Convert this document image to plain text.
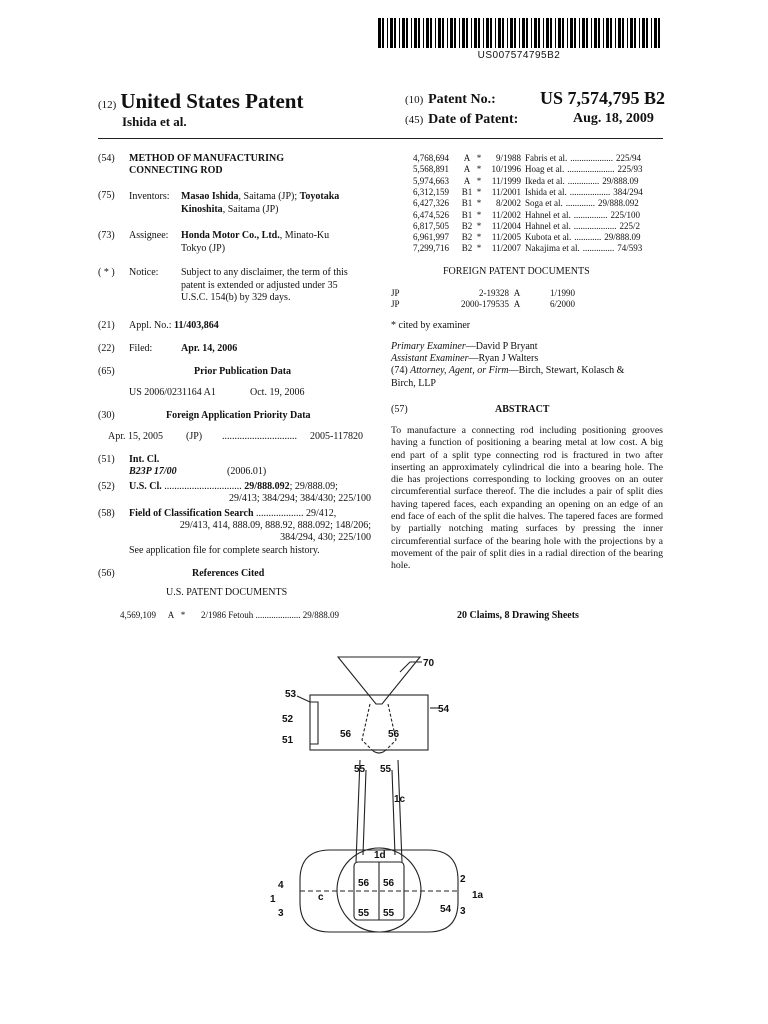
US007574795B2
(12) United States Patent
Ishida et al.
(10) Patent No.: US 7,574,795 B2
(45) Date of Patent:	Aug. 18, 2009
(54) METHOD OF MANUFACTURING
CONNECTING ROD
(75) Inventors: Masao Ishida, Saitama (JP); Toyotaka
Kinoshita, Saitama (JP)
(73) Assignee: Honda Motor Co., Ltd., Minato-Ku
Tokyo (JP)
( * ) Notice: Subject to any disclaimer, the term of this
patent is extended or adjusted under 35
U.S.C. 154(b) by 329 days.
(21) Appl. No.: 11/403,864
(22) Filed:	Apr. 14, 2006
(65)	Prior Publication Data
US 2006/0231164 A1	Oct. 19, 2006
(30)	Foreign Application Priority Data
Apr. 15, 2005 (JP) .............................. 2005-117820
(51) Int. Cl.
B23P 17/00	(2006.01)
(52) U.S. Cl. ............................... 29/888.092; 29/888.09;
29/413; 384/294; 384/430; 225/100
(58) Field of Classification Search ................... 29/412,
29/413, 414, 888.09, 888.92, 888.092; 148/206;
384/294, 430; 225/100
See application file for complete search history.
(56)	References Cited
U.S. PATENT DOCUMENTS
4,569,109 A * 2/1986 Fetouh .................... 29/888.09
4,768,694 A * 9/1988 Fabris et al. ................... 225/94
5,568,891 A * 10/1996 Hoag et al. ..................... 225/93
5,974,663 A * 11/1999 Ikeda et al. .............. 29/888.09
6,312,159 B1 * 11/2001 Ishida et al. .................. 384/294
6,427,326 B1 * 8/2002 Soga et al. ............. 29/888.092
6,474,526 B1 * 11/2002 Hahnel et al. ............... 225/100
6,817,505 B2 * 11/2004 Hahnel et al. ................... 225/2
6,961,997 B2 * 11/2005 Kubota et al. ............ 29/888.09
7,299,716 B2 * 11/2007 Nakajima et al. .............. 74/593
FOREIGN PATENT DOCUMENTS
JP	2-19328 A	1/1990
JP	2000-179535 A	6/2000
* cited by examiner
Primary Examiner—David P Bryant
Assistant Examiner—Ryan J Walters
(74) Attorney, Agent, or Firm—Birch, Stewart, Kolasch &
Birch, LLP
(57)	ABSTRACT
To manufacture a connecting rod including positioning grooves having a function of positioning a bearing metal at low cost. A big end part of a split type connecting rod is fractured in two after inserting an approximately cylindrical die into a bearing hole. The die has projections corresponding to locking grooves on an outer circumferential surface thereof. The die includes a pair of split dies having tapered faces, each expanding an opening on an edge of an end face of each of the split die halves. The tapered faces are formed by partially notching mating surfaces by pressing the inner circumferential surface of the bearing hole with the projections by a movement of the pair of split dies in a radial direction of the bearing hole.
20 Claims, 8 Drawing Sheets
70
53
52
51
54
56	56
55 55
1c
1d
4
1
3
c
56 56
55 55
2
1a
54 3
